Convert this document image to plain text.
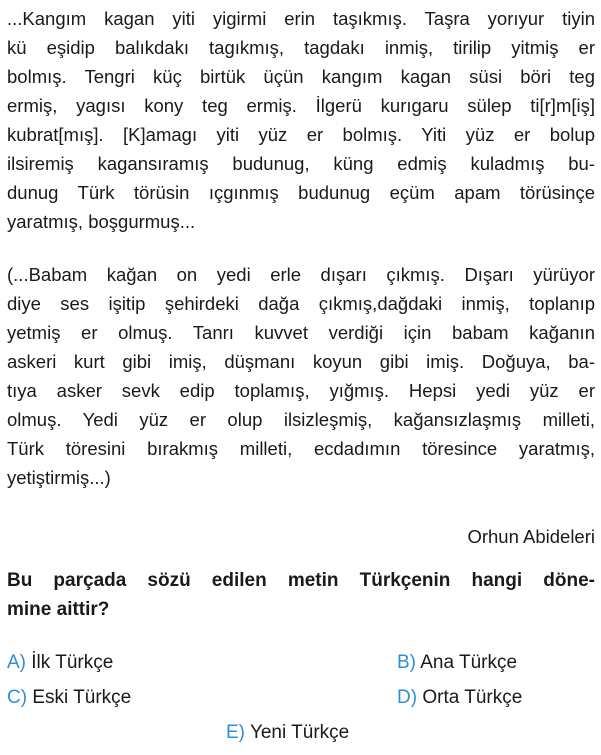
...Kangım kagan yiti yigirmi erin taşıkmış. Taşra yorıyur tiyin
kü eşidip balıkdakı tagıkmış, tagdakı inmiş, tirilip yitmiş er
bolmış. Tengri küç birtük üçün kangım kagan süsi böri teg
ermiş, yagısı kony teg ermiş. İlgerü kurıgaru sülep ti[r]m[iş]
kubrat[mış]. [K]amagı yiti yüz er bolmış. Yiti yüz er bolup
ilsiremiş kagansıramış budunug, küng edmiş kuladmış bu-
dunug Türk törüsin ıçgınmış budunug eçüm apam törüsinçe
yaratmış, boşgurmuş...
(...Babam kağan on yedi erle dışarı çıkmış. Dışarı yürüyor
diye ses işitip şehirdeki dağa çıkmış,dağdaki inmiş, toplanıp
yetmiş er olmuş. Tanrı kuvvet verdiği için babam kağanın
askeri kurt gibi imiş, düşmanı koyun gibi imiş. Doğuya, ba-
tıya asker sevk edip toplamış, yığmış. Hepsi yedi yüz er
olmuş. Yedi yüz er olup ilsizleşmiş, kağansızlaşmış milleti,
Türk töresini bırakmış milleti, ecdadımın töresince yaratmış,
yetiştirmiş...)
Orhun Abideleri
Bu parçada sözü edilen metin Türkçenin hangi döne-
mine aittir?
A) İlk Türkçe	B) Ana Türkçe
C) Eski Türkçe	D) Orta Türkçe
E) Yeni Türkçe
